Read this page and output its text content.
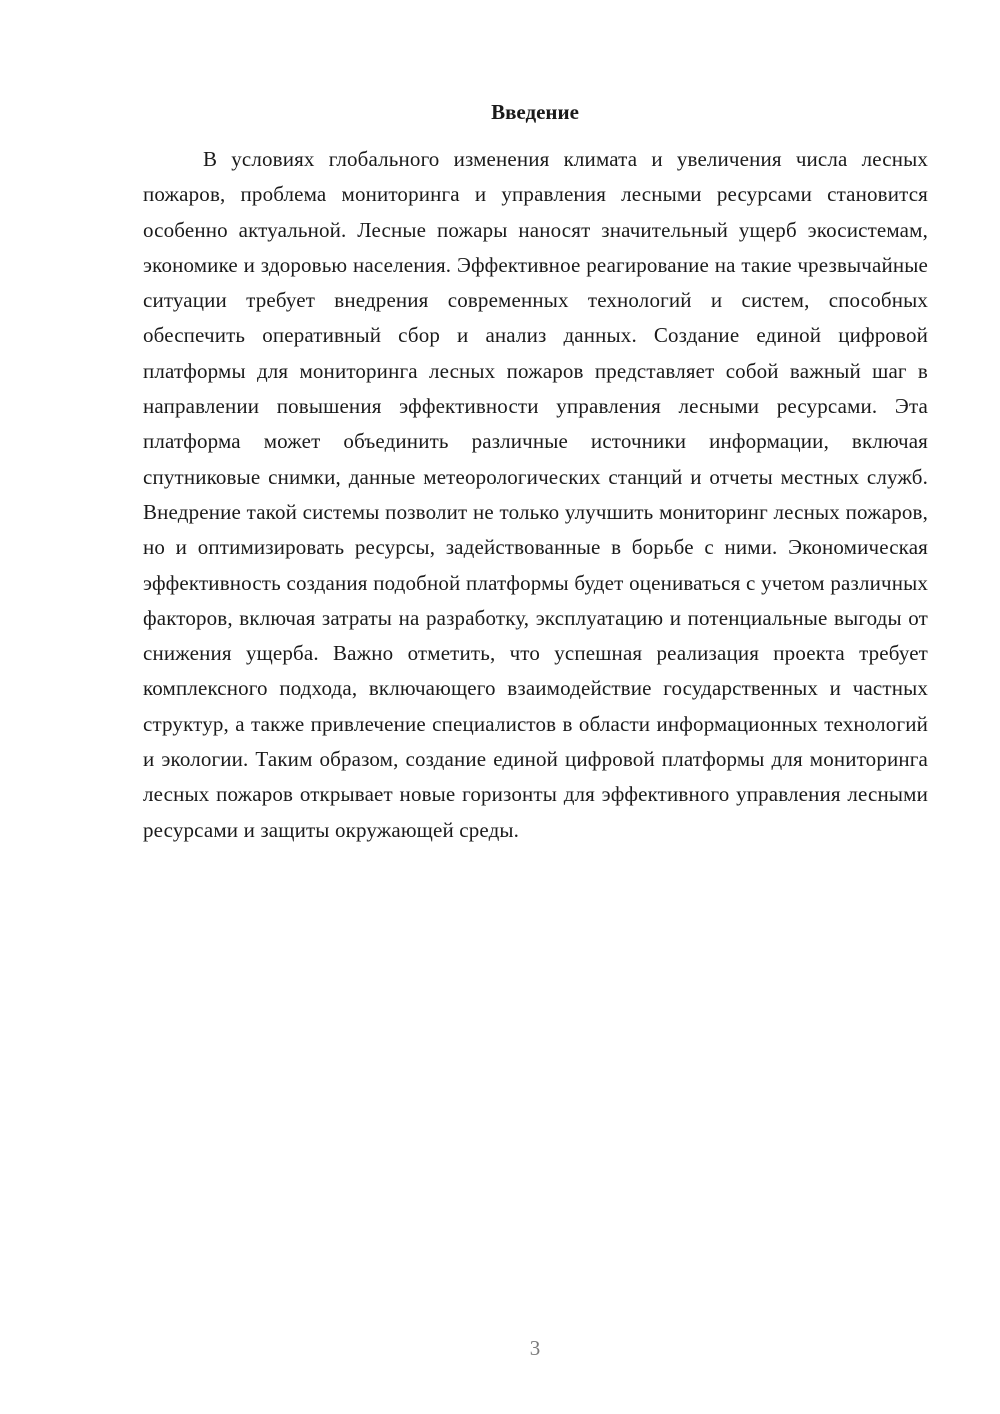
Введение

В условиях глобального изменения климата и увеличения числа лесных пожаров, проблема мониторинга и управления лесными ресурсами становится особенно актуальной. Лесные пожары наносят значительный ущерб экосистемам, экономике и здоровью населения. Эффективное реагирование на такие чрезвычайные ситуации требует внедрения современных технологий и систем, способных обеспечить оперативный сбор и анализ данных. Создание единой цифровой платформы для мониторинга лесных пожаров представляет собой важный шаг в направлении повышения эффективности управления лесными ресурсами. Эта платформа может объединить различные источники информации, включая спутниковые снимки, данные метеорологических станций и отчеты местных служб. Внедрение такой системы позволит не только улучшить мониторинг лесных пожаров, но и оптимизировать ресурсы, задействованные в борьбе с ними. Экономическая эффективность создания подобной платформы будет оцениваться с учетом различных факторов, включая затраты на разработку, эксплуатацию и потенциальные выгоды от снижения ущерба. Важно отметить, что успешная реализация проекта требует комплексного подхода, включающего взаимодействие государственных и частных структур, а также привлечение специалистов в области информационных технологий и экологии. Таким образом, создание единой цифровой платформы для мониторинга лесных пожаров открывает новые горизонты для эффективного управления лесными ресурсами и защиты окружающей среды.

3
